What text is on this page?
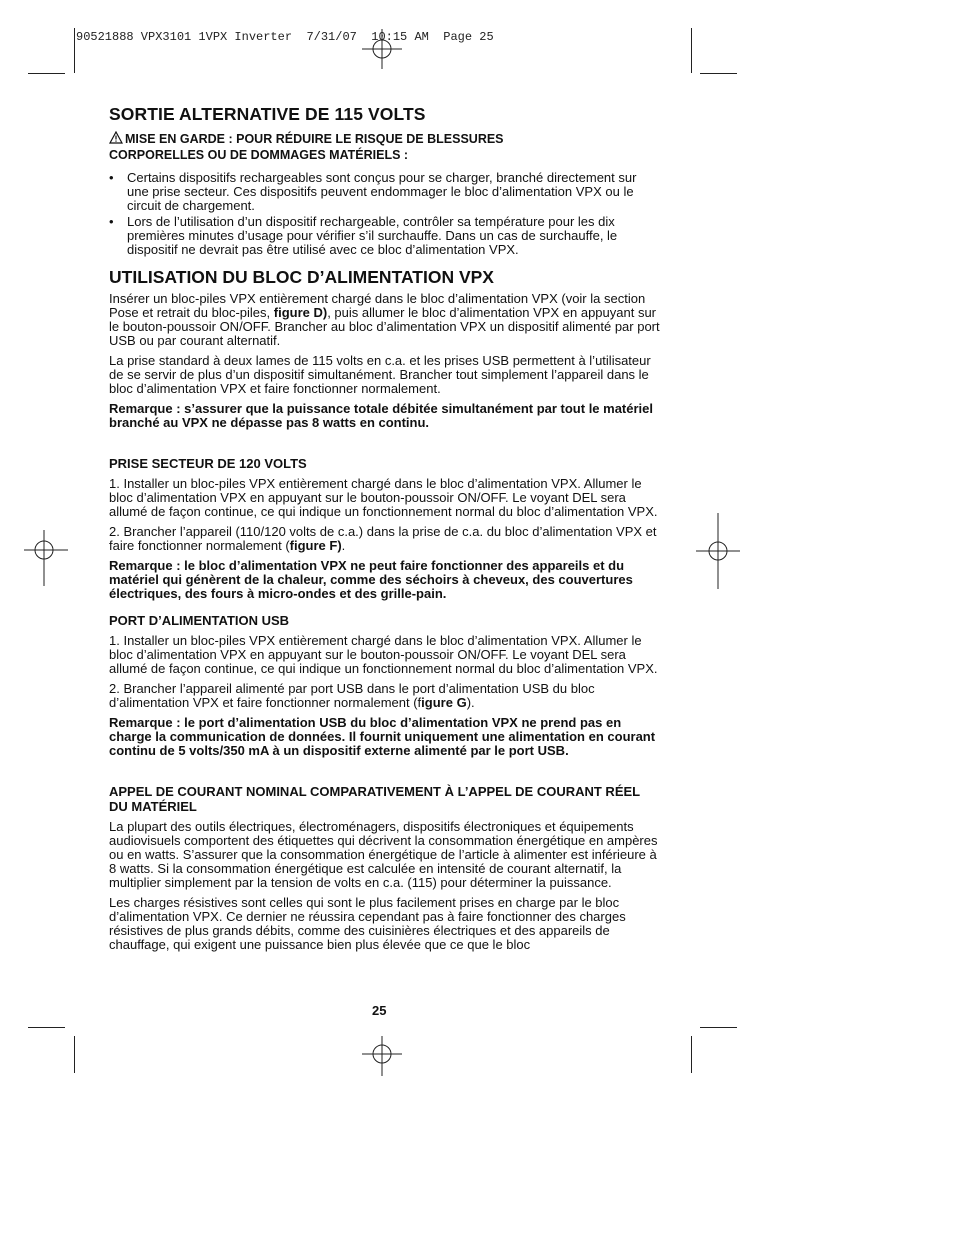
90521888 VPX3101 1VPX Inverter  7/31/07  10:15 AM  Page 25
SORTIE ALTERNATIVE DE 115 VOLTS
MISE EN GARDE : POUR RÉDUIRE LE RISQUE DE BLESSURES
CORPORELLES OU DE DOMMAGES MATÉRIELS :
• Certains dispositifs rechargeables sont conçus pour se charger, branché directement sur une prise secteur. Ces dispositifs peuvent endommager le bloc d’alimentation VPX ou le circuit de chargement.
• Lors de l’utilisation d’un dispositif rechargeable, contrôler sa température pour les dix premières minutes d’usage pour vérifier s’il surchauffe. Dans un cas de surchauffe, le dispositif ne devrait pas être utilisé avec ce bloc d’alimentation VPX.
UTILISATION DU BLOC D’ALIMENTATION VPX

Insérer un bloc-piles VPX entièrement chargé dans le bloc d’alimentation VPX (voir la section Pose et retrait du bloc-piles, figure D), puis allumer le bloc d’alimentation VPX en appuyant sur le bouton-poussoir ON/OFF. Brancher au bloc d’alimentation VPX un dispositif alimenté par port USB ou par courant alternatif.

La prise standard à deux lames de 115 volts en c.a. et les prises USB permettent à l’utilisateur de se servir de plus d’un dispositif simultanément. Brancher tout simplement l’appareil dans le bloc d’alimentation VPX et faire fonctionner normalement.

Remarque : s’assurer que la puissance totale débitée simultanément par tout le matériel branché au VPX ne dépasse pas 8 watts en continu.

PRISE SECTEUR DE 120 VOLTS

1. Installer un bloc-piles VPX entièrement chargé dans le bloc d’alimentation VPX. Allumer le bloc d’alimentation VPX en appuyant sur le bouton-poussoir ON/OFF. Le voyant DEL sera allumé de façon continue, ce qui indique un fonctionnement normal du bloc d’alimentation VPX.

2. Brancher l’appareil (110/120 volts de c.a.) dans la prise de c.a. du bloc d’alimentation VPX et faire fonctionner normalement (figure F).

Remarque : le bloc d’alimentation VPX ne peut faire fonctionner des appareils et du matériel qui génèrent de la chaleur, comme des séchoirs à cheveux, des couvertures électriques, des fours à micro-ondes et des grille-pain.

PORT D’ALIMENTATION USB

1. Installer un bloc-piles VPX entièrement chargé dans le bloc d’alimentation VPX. Allumer le bloc d’alimentation VPX en appuyant sur le bouton-poussoir ON/OFF. Le voyant DEL sera allumé de façon continue, ce qui indique un fonctionnement normal du bloc d’alimentation VPX.

2. Brancher l’appareil alimenté par port USB dans le port d’alimentation USB du bloc d’alimentation VPX et faire fonctionner normalement (figure G).

Remarque : le port d’alimentation USB du bloc d’alimentation VPX ne prend pas en charge la communication de données. Il fournit uniquement une alimentation en courant continu de 5 volts/350 mA à un dispositif externe alimenté par le port USB.

APPEL DE COURANT NOMINAL COMPARATIVEMENT À L’APPEL DE COURANT RÉEL DU MATÉRIEL

La plupart des outils électriques, électroménagers, dispositifs électroniques et équipements audiovisuels comportent des étiquettes qui décrivent la consommation énergétique en ampères ou en watts. S’assurer que la consommation énergétique de l’article à alimenter est inférieure à 8 watts. Si la consommation énergétique est calculée en intensité de courant alternatif, la multiplier simplement par la tension de volts en c.a. (115) pour déterminer la puissance.

Les charges résistives sont celles qui sont le plus facilement prises en charge par le bloc d’alimentation VPX. Ce dernier ne réussira cependant pas à faire fonctionner des charges résistives de plus grands débits, comme des cuisinières électriques et des appareils de chauffage, qui exigent une puissance bien plus élevée que ce que le bloc

25
